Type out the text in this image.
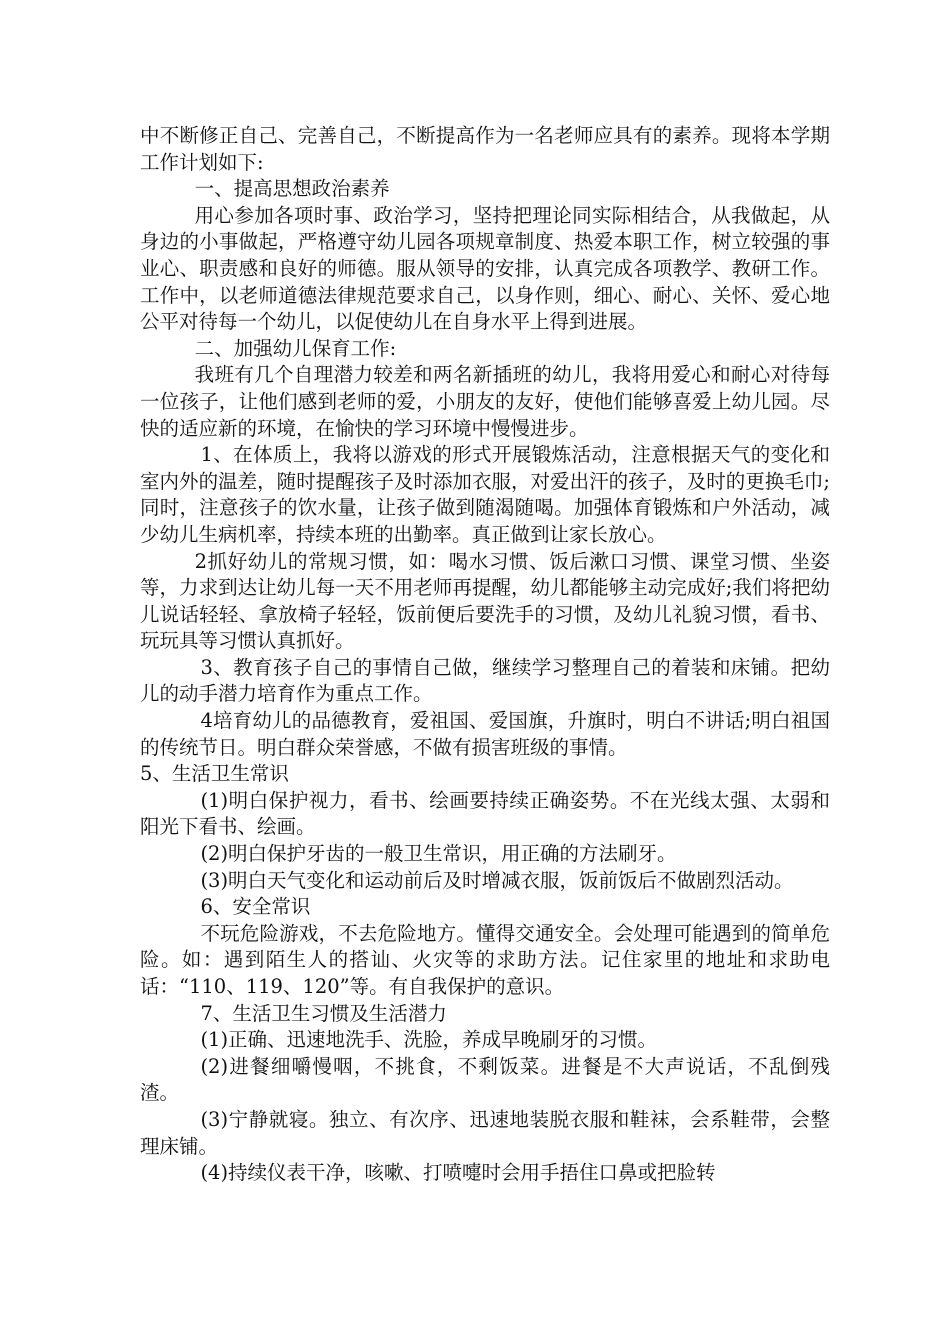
中不断修正自己、完善自己，不断提高作为一名老师应具有的素养。现将本学期工作计划如下:

一、提高思想政治素养

用心参加各项时事、政治学习，坚持把理论同实际相结合，从我做起，从身边的小事做起，严格遵守幼儿园各项规章制度、热爱本职工作，树立较强的事业心、职责感和良好的师德。服从领导的安排，认真完成各项教学、教研工作。工作中，以老师道德法律规范要求自己，以身作则，细心、耐心、关怀、爱心地公平对待每一个幼儿，以促使幼儿在自身水平上得到进展。

二、加强幼儿保育工作:

我班有几个自理潜力较差和两名新插班的幼儿，我将用爱心和耐心对待每一位孩子，让他们感到老师的爱，小朋友的友好，使他们能够喜爱上幼儿园。尽快的适应新的环境，在愉快的学习环境中慢慢进步。

1、在体质上，我将以游戏的形式开展锻炼活动，注意根据天气的变化和室内外的温差，随时提醒孩子及时添加衣服，对爱出汗的孩子，及时的更换毛巾;同时，注意孩子的饮水量，让孩子做到随渴随喝。加强体育锻炼和户外活动，减少幼儿生病机率，持续本班的出勤率。真正做到让家长放心。

2抓好幼儿的常规习惯，如：喝水习惯、饭后漱口习惯、课堂习惯、坐姿等，力求到达让幼儿每一天不用老师再提醒，幼儿都能够主动完成好;我们将把幼儿说话轻轻、拿放椅子轻轻，饭前便后要洗手的习惯，及幼儿礼貌习惯，看书、玩玩具等习惯认真抓好。

3、教育孩子自己的事情自己做，继续学习整理自己的着装和床铺。把幼儿的动手潜力培育作为重点工作。

4培育幼儿的品德教育，爱祖国、爱国旗，升旗时，明白不讲话;明白祖国的传统节日。明白群众荣誉感，不做有损害班级的事情。

5、生活卫生常识

(1)明白保护视力，看书、绘画要持续正确姿势。不在光线太强、太弱和阳光下看书、绘画。

(2)明白保护牙齿的一般卫生常识，用正确的方法刷牙。

(3)明白天气变化和运动前后及时增减衣服，饭前饭后不做剧烈活动。

6、安全常识

不玩危险游戏，不去危险地方。懂得交通安全。会处理可能遇到的简单危险。如：遇到陌生人的搭讪、火灾等的求助方法。记住家里的地址和求助电话：“110、119、120”等。有自我保护的意识。

7、生活卫生习惯及生活潜力

(1)正确、迅速地洗手、洗脸，养成早晚刷牙的习惯。

(2)进餐细嚼慢咽，不挑食，不剩饭菜。进餐是不大声说话，不乱倒残渣。

(3)宁静就寝。独立、有次序、迅速地装脱衣服和鞋袜，会系鞋带，会整理床铺。

(4)持续仪表干净，咳嗽、打喷嚏时会用手捂住口鼻或把脸转
